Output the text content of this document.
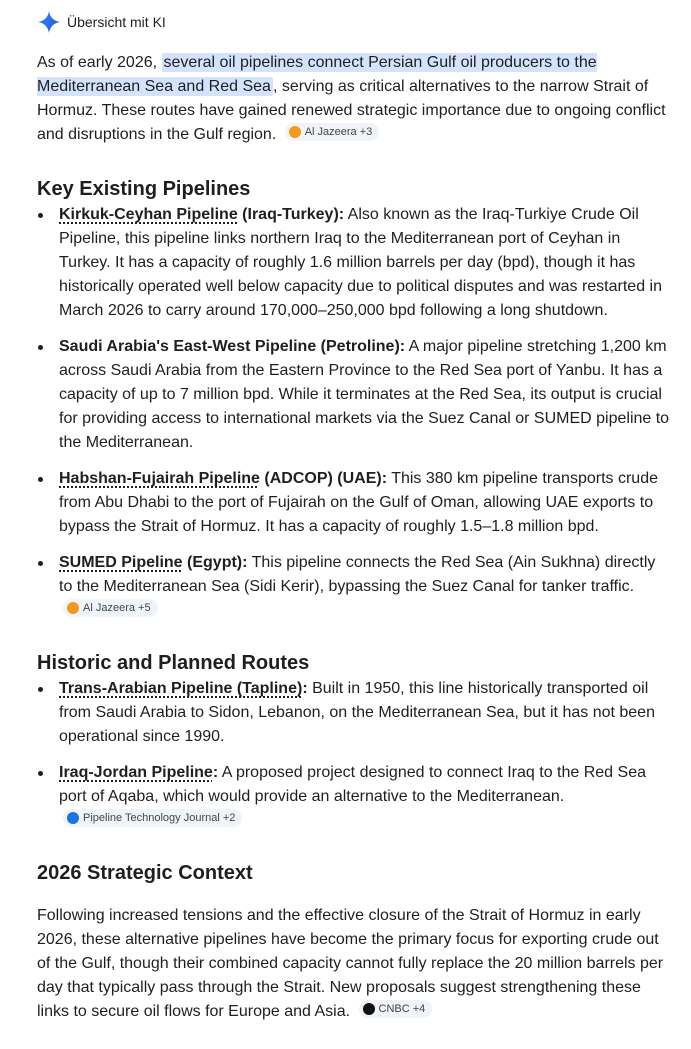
Übersicht mit KI

As of early 2026, several oil pipelines connect Persian Gulf oil producers to the Mediterranean Sea and Red Sea , serving as critical alternatives to the narrow Strait of Hormuz. These routes have gained renewed strategic importance due to ongoing conflict and disruptions in the Gulf region. Al Jazeera +3

Key Existing Pipelines
Kirkuk-Ceyhan Pipeline (Iraq-Turkey): Also known as the Iraq-Turkiye Crude Oil Pipeline, this pipeline links northern Iraq to the Mediterranean port of Ceyhan in Turkey. It has a capacity of roughly 1.6 million barrels per day (bpd), though it has historically operated well below capacity due to political disputes and was restarted in March 2026 to carry around 170,000–250,000 bpd following a long shutdown.
Saudi Arabia's East-West Pipeline (Petroline): A major pipeline stretching 1,200 km across Saudi Arabia from the Eastern Province to the Red Sea port of Yanbu. It has a capacity of up to 7 million bpd. While it terminates at the Red Sea, its output is crucial for providing access to international markets via the Suez Canal or SUMED pipeline to the Mediterranean.
Habshan-Fujairah Pipeline (ADCOP) (UAE): This 380 km pipeline transports crude from Abu Dhabi to the port of Fujairah on the Gulf of Oman, allowing UAE exports to bypass the Strait of Hormuz. It has a capacity of roughly 1.5–1.8 million bpd.
SUMED Pipeline (Egypt): This pipeline connects the Red Sea (Ain Sukhna) directly to the Mediterranean Sea (Sidi Kerir), bypassing the Suez Canal for tanker traffic.
Al Jazeera +5
Historic and Planned Routes
Trans-Arabian Pipeline (Tapline): Built in 1950, this line historically transported oil from Saudi Arabia to Sidon, Lebanon, on the Mediterranean Sea, but it has not been operational since 1990.
Iraq-Jordan Pipeline: A proposed project designed to connect Iraq to the Red Sea port of Aqaba, which would provide an alternative to the Mediterranean.
Pipeline Technology Journal +2
2026 Strategic Context

Following increased tensions and the effective closure of the Strait of Hormuz in early 2026, these alternative pipelines have become the primary focus for exporting crude out of the Gulf, though their combined capacity cannot fully replace the 20 million barrels per day that typically pass through the Strait. New proposals suggest strengthening these links to secure oil flows for Europe and Asia. CNBC +4
